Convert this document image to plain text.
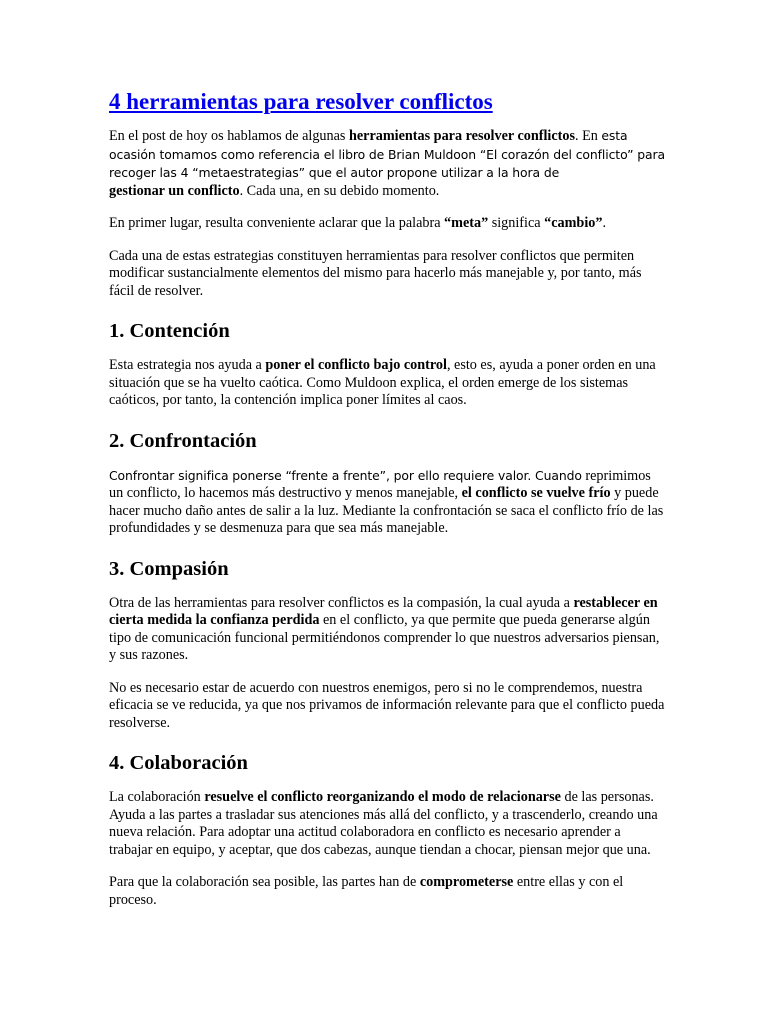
4 herramientas para resolver conflictos

En el post de hoy os hablamos de algunas herramientas para resolver conflictos. En esta ocasión tomamos como referencia el libro de Brian Muldoon “El corazón del conflicto” para recoger las 4 “metaestrategias” que el autor propone utilizar a la hora de
gestionar un conflicto. Cada una, en su debido momento.

En primer lugar, resulta conveniente aclarar que la palabra “meta” significa “cambio”.

Cada una de estas estrategias constituyen herramientas para resolver conflictos que permiten modificar sustancialmente elementos del mismo para hacerlo más manejable y, por tanto, más fácil de resolver.

1. Contención

Esta estrategia nos ayuda a poner el conflicto bajo control, esto es, ayuda a poner orden en una situación que se ha vuelto caótica. Como Muldoon explica, el orden emerge de los sistemas caóticos, por tanto, la contención implica poner límites al caos.

2. Confrontación

Confrontar significa ponerse “frente a frente”, por ello requiere valor. Cuando reprimimos un conflicto, lo hacemos más destructivo y menos manejable, el conflicto se vuelve frío y puede hacer mucho daño antes de salir a la luz. Mediante la confrontación se saca el conflicto frío de las profundidades y se desmenuza para que sea más manejable.

3. Compasión

Otra de las herramientas para resolver conflictos es la compasión, la cual ayuda a restablecer en cierta medida la confianza perdida en el conflicto, ya que permite que pueda generarse algún tipo de comunicación funcional permitiéndonos comprender lo que nuestros adversarios piensan, y sus razones.

No es necesario estar de acuerdo con nuestros enemigos, pero si no le comprendemos, nuestra eficacia se ve reducida, ya que nos privamos de información relevante para que el conflicto pueda resolverse.

4. Colaboración

La colaboración resuelve el conflicto reorganizando el modo de relacionarse de las personas. Ayuda a las partes a trasladar sus atenciones más allá del conflicto, y a trascenderlo, creando una nueva relación. Para adoptar una actitud colaboradora en conflicto es necesario aprender a trabajar en equipo, y aceptar, que dos cabezas, aunque tiendan a chocar, piensan mejor que una.

Para que la colaboración sea posible, las partes han de comprometerse entre ellas y con el proceso.
